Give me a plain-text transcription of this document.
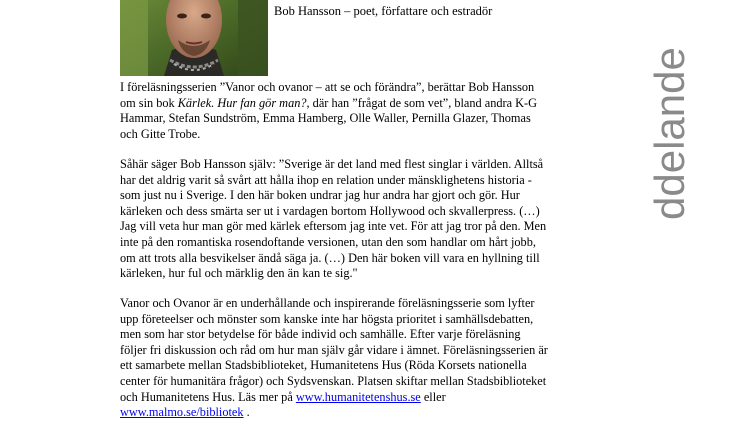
Bob Hansson – poet, författare och estradör
ddelande
I föreläsningsserien ”Vanor och ovanor – att se och förändra”, berättar Bob Hansson
om sin bok Kärlek. Hur fan gör man?, där han ”frågat de som vet”, bland andra K-G
Hammar, Stefan Sundström, Emma Hamberg, Olle Waller, Pernilla Glazer, Thomas
och Gitte Trobe.
Såhär säger Bob Hansson själv: ”Sverige är det land med flest singlar i världen. Alltså
har det aldrig varit så svårt att hålla ihop en relation under mänsklighetens historia -
som just nu i Sverige. I den här boken undrar jag hur andra har gjort och gör. Hur
kärleken och dess smärta ser ut i vardagen bortom Hollywood och skvallerpress. (…)
Jag vill veta hur man gör med kärlek eftersom jag inte vet. För att jag tror på den. Men
inte på den romantiska rosendoftande versionen, utan den som handlar om hårt jobb,
om att trots alla besvikelser ändå säga ja. (…) Den här boken vill vara en hyllning till
kärleken, hur ful och märklig den än kan te sig."
Vanor och Ovanor är en underhållande och inspirerande föreläsningsserie som lyfter
upp företeelser och mönster som kanske inte har högsta prioritet i samhällsdebatten,
men som har stor betydelse för både individ och samhälle. Efter varje föreläsning
följer fri diskussion och råd om hur man själv går vidare i ämnet. Föreläsningsserien är
ett samarbete mellan Stadsbiblioteket, Humanitetens Hus (Röda Korsets nationella
center för humanitära frågor) och Sydsvenskan. Platsen skiftar mellan Stadsbiblioteket
och Humanitetens Hus. Läs mer på www.humanitetenshus.se eller
www.malmo.se/bibliotek .
